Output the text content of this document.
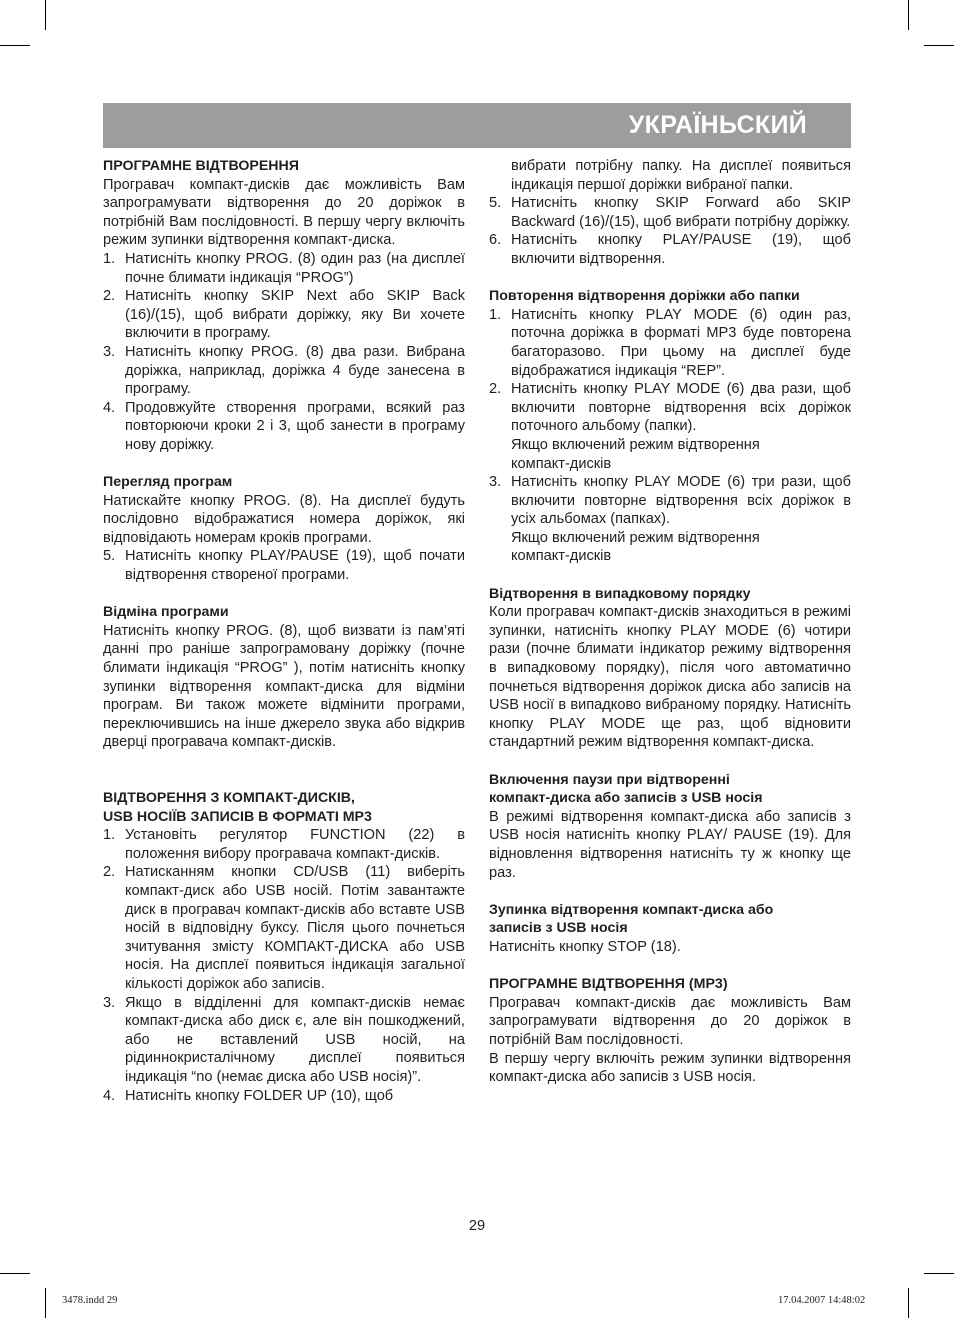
УКРАЇНЬСКИЙ
ПРОГРАМНЕ ВІДТВОРЕННЯ
Програвач компакт-дисків дає можливість Вам запрограмувати відтворення до 20 доріжок в потрібній Вам послідовності. В першу чергу включіть режим зупинки відтворення компакт-диска.
1. Натисніть кнопку PROG. (8) один раз (на дисплеї почне блимати індикація “PROG”)
2. Натисніть кнопку SKIP Next або SKIP Back (16)/(15), щоб вибрати доріжку, яку Ви хочете включити в програму.
3. Натисніть кнопку PROG. (8) два рази. Вибрана доріжка, наприклад, доріжка 4 буде занесена в програму.
4. Продовжуйте створення програми, всякий раз повторюючи кроки 2 і 3, щоб занести в програму нову доріжку.
Перегляд програм
Натискайте кнопку PROG. (8). На дисплеї будуть послідовно відображатися номера доріжок, які відповідають номерам кроків програми.
5. Натисніть кнопку PLAY/PAUSE (19), щоб почати відтворення створеної програми.
Відміна програми
Натисніть кнопку PROG. (8), щоб визвати із пам’яті данні про раніше запрограмовану доріжку (почне блимати індикація “PROG” ), потім натисніть кнопку зупинки відтворення компакт-диска для відміни програм. Ви також можете відмінити програми, переключившись на інше джерело звука або відкрив дверці програвача компакт-дисків.
ВІДТВОРЕННЯ З КОМПАКТ-ДИСКІВ,
USB НОСІЇВ ЗАПИСІВ В ФОРМАТІ MP3
1. Установіть регулятор FUNCTION (22) в положення вибору програвача компакт-дисків.
2. Натисканням кнопки CD/USB (11) виберіть компакт-диск або USB носій. Потім завантажте диск в програвач компакт-дисків або вставте USB носій в відповідну буксу. Після цього почнеться зчитування змісту КОМПАКТ-ДИСКА або USB носія. На дисплеї появиться індикація загальної кількості доріжок або записів.
3. Якщо в відділенні для компакт-дисків немає компакт-диска або диск є, але він пошкоджений, або не вставлений USB носій, на рідиннокристалічному дисплеї появиться індикація “no (немає диска або USB носія)”.
4. Натисніть кнопку FOLDER UP (10), щоб
вибрати потрібну папку. На дисплеї появиться індикація першої доріжки вибраної папки.
5. Натисніть кнопку SKIP Forward або SKIP Backward (16)/(15), щоб вибрати потрібну доріжку.
6. Натисніть кнопку PLAY/PAUSE (19), щоб включити відтворення.
Повторення відтворення доріжки або папки
1. Натисніть кнопку PLAY MODE (6) один раз, поточна доріжка в форматі MP3 буде повторена багаторазово. При цьому на дисплеї буде відображатися індикація “REP”.
2. Натисніть кнопку PLAY MODE (6) два рази, щоб включити повторне відтворення всіх доріжок поточного альбому (папки).
Якщо включений режим відтворення компакт-дисків
3. Натисніть кнопку PLAY MODE (6) три рази, щоб включити повторне відтворення всіх доріжок в усіх альбомах (папках).
Якщо включений режим відтворення компакт-дисків
Відтворення в випадковому порядку
Коли програвач компакт-дисків знаходиться в режимі зупинки, натисніть кнопку PLAY MODE (6) чотири рази (почне блимати індикатор режиму відтворення в випадковому порядку), після чого автоматично почнеться відтворення доріжок диска або записів на USB носії в випадково вибраному порядку. Натисніть кнопку PLAY MODE ще раз, щоб відновити стандартний режим відтворення компакт-диска.
Включення паузи при відтворенні
компакт-диска або записів з USB носія
В режимі відтворення компакт-диска або записів з USB носія натисніть кнопку PLAY/ PAUSE (19). Для відновлення відтворення натисніть ту ж кнопку ще раз.
Зупинка відтворення компакт-диска або
записів з USB носія
Натисніть кнопку STOP (18).
ПРОГРАМНЕ ВІДТВОРЕННЯ (MP3)
Програвач компакт-дисків дає можливість Вам запрограмувати відтворення до 20 доріжок в потрібній Вам послідовності.
В першу чергу включіть режим зупинки відтворення компакт-диска або записів з USB носія.
29
3478.indd 29	17.04.2007 14:48:02
